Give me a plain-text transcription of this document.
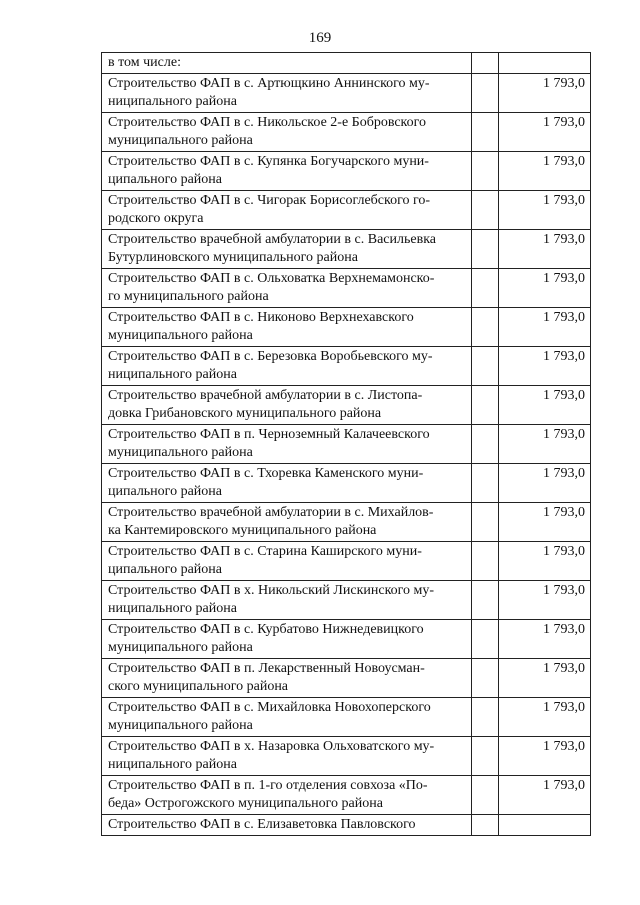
169
в том числе:		

Строительство ФАП в с. Артющкино Аннинского му-
ниципального района		1 793,0

Строительство ФАП в с. Никольское 2-е Бобровского
муниципального района		1 793,0

Строительство ФАП в с. Купянка Богучарского муни-
ципального района		1 793,0

Строительство ФАП в с. Чигорак Борисоглебского го-
родского округа		1 793,0

Строительство врачебной амбулатории в с. Васильевка
Бутурлиновского муниципального района		1 793,0

Строительство ФАП в с. Ольховатка Верхнемамонско-
го муниципального района		1 793,0

Строительство ФАП в с. Никоново Верхнехавского
муниципального района		1 793,0

Строительство ФАП в с. Березовка Воробьевского му-
ниципального района		1 793,0

Строительство врачебной амбулатории в с. Листопа-
довка Грибановского муниципального района		1 793,0

Строительство ФАП в п. Черноземный Калачеевского
муниципального района		1 793,0

Строительство ФАП в с. Тхоревка Каменского муни-
ципального района		1 793,0

Строительство врачебной амбулатории в с. Михайлов-
ка Кантемировского муниципального района		1 793,0

Строительство ФАП в с. Старина Каширского муни-
ципального района		1 793,0

Строительство ФАП в х. Никольский Лискинского му-
ниципального района		1 793,0

Строительство ФАП в с. Курбатово Нижнедевицкого
муниципального района		1 793,0

Строительство ФАП в п. Лекарственный Новоусман-
ского муниципального района		1 793,0

Строительство ФАП в с. Михайловка Новохоперского
муниципального района		1 793,0

Строительство ФАП в х. Назаровка Ольховатского му-
ниципального района		1 793,0

Строительство ФАП в п. 1-го отделения совхоза «По-
беда» Острогожского муниципального района		1 793,0
Строительство ФАП в с. Елизаветовка Павловского		
